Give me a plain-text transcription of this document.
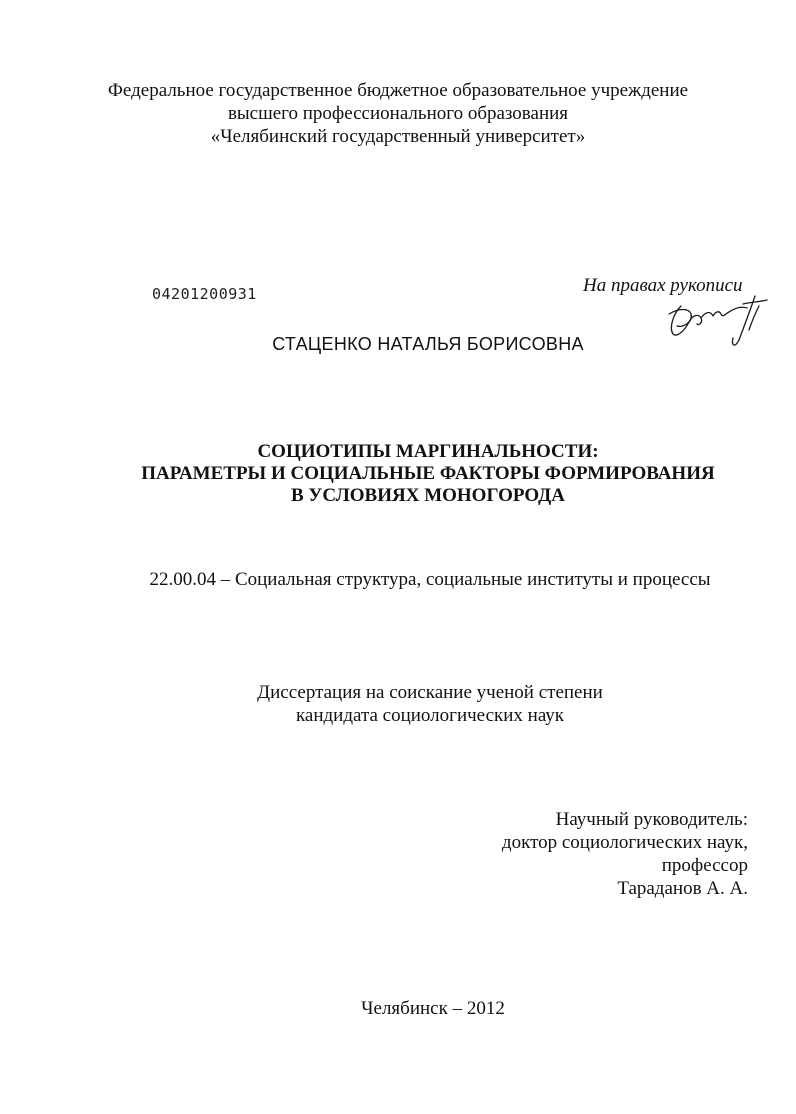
Федеральное государственное бюджетное образовательное учреждение
высшего профессионального образования
«Челябинский государственный университет»
04201200931	На правах рукописи
СТАЦЕНКО НАТАЛЬЯ БОРИСОВНА
СОЦИОТИПЫ МАРГИНАЛЬНОСТИ:
ПАРАМЕТРЫ И СОЦИАЛЬНЫЕ ФАКТОРЫ ФОРМИРОВАНИЯ
В УСЛОВИЯХ МОНОГОРОДА
22.00.04 – Социальная структура, социальные институты и процессы
Диссертация на соискание ученой степени
кандидата социологических наук
Научный руководитель:
доктор социологических наук,
профессор
Тараданов А. А.
Челябинск – 2012
